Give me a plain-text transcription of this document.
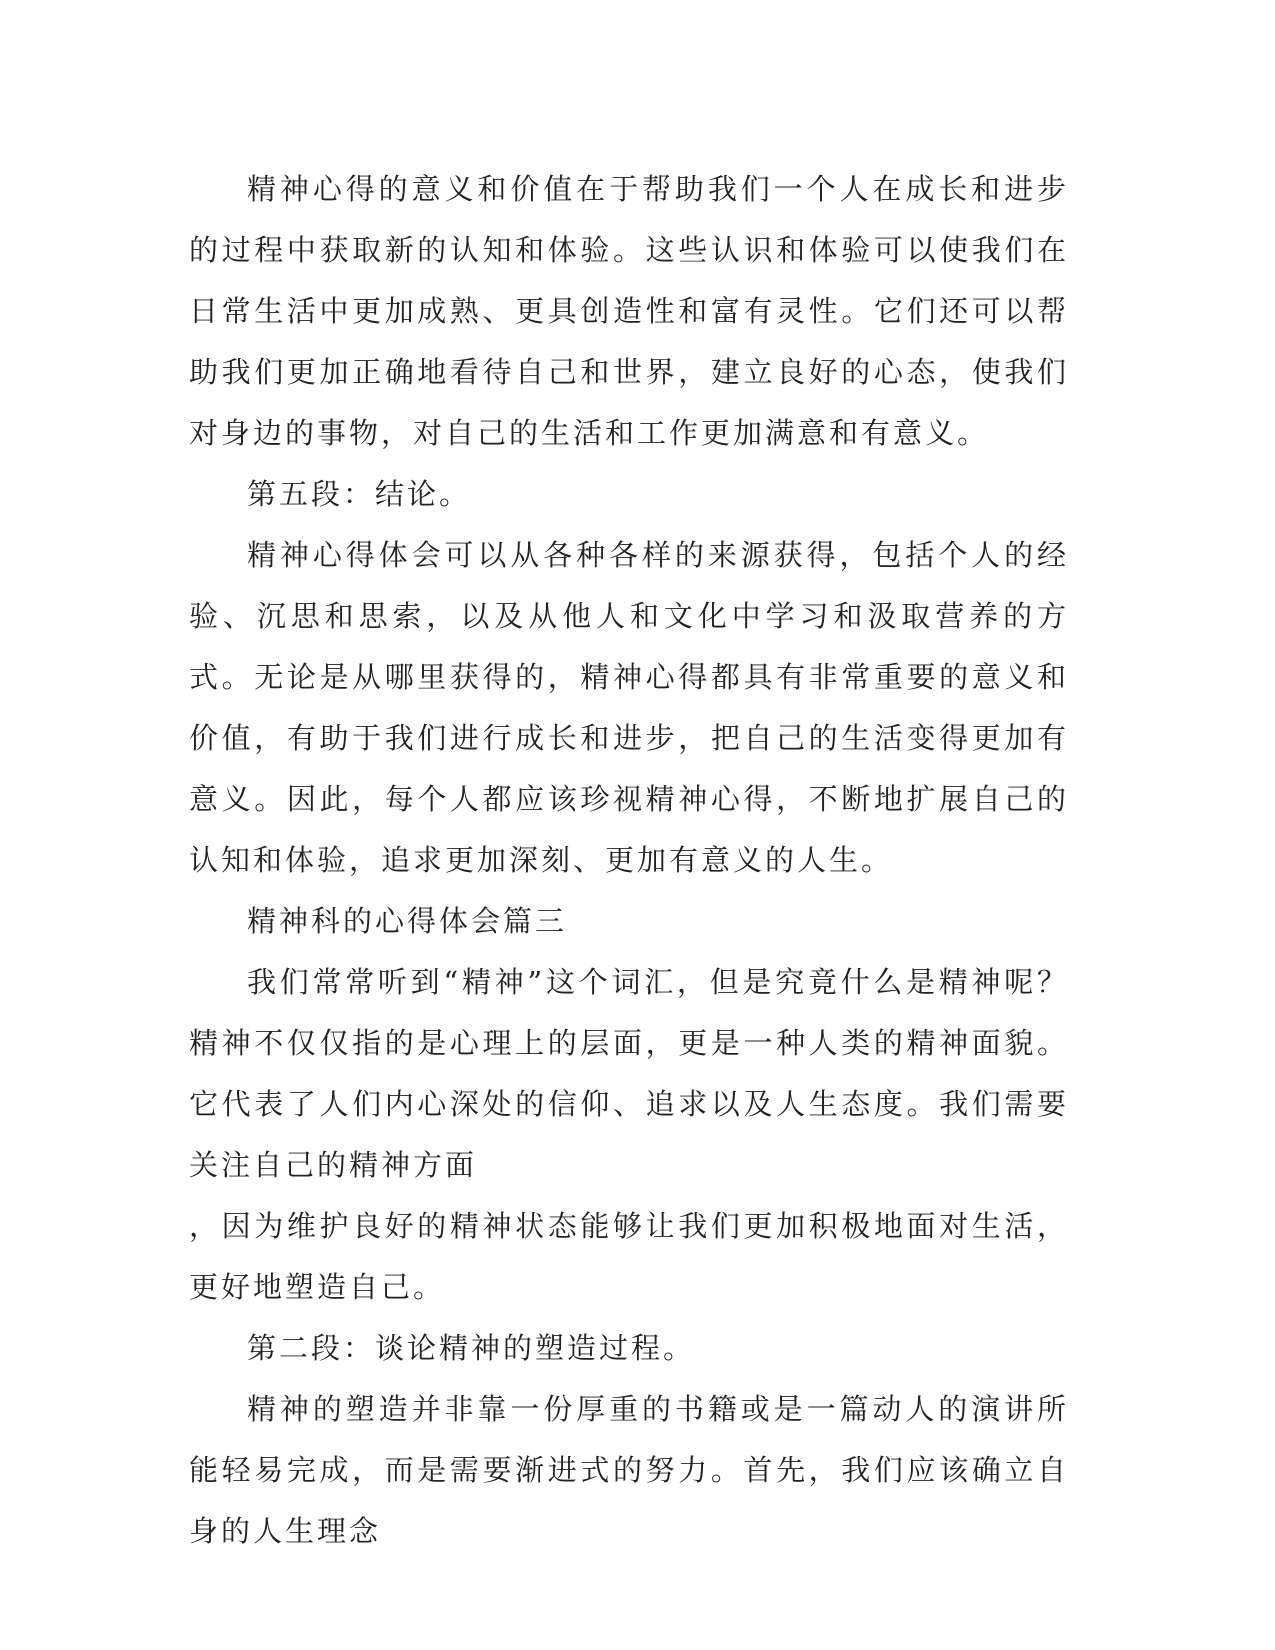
精神心得的意义和价值在于帮助我们一个人在成长和进步的过程中获取新的认知和体验。这些认识和体验可以使我们在日常生活中更加成熟、更具创造性和富有灵性。它们还可以帮助我们更加正确地看待自己和世界，建立良好的心态，使我们对身边的事物，对自己的生活和工作更加满意和有意义。

第五段：结论。

精神心得体会可以从各种各样的来源获得，包括个人的经验、沉思和思索，以及从他人和文化中学习和汲取营养的方式。无论是从哪里获得的，精神心得都具有非常重要的意义和价值，有助于我们进行成长和进步，把自己的生活变得更加有意义。因此，每个人都应该珍视精神心得，不断地扩展自己的认知和体验，追求更加深刻、更加有意义的人生。

精神科的心得体会篇三

我们常常听到“精神”这个词汇，但是究竟什么是精神呢？精神不仅仅指的是心理上的层面，更是一种人类的精神面貌。它代表了人们内心深处的信仰、追求以及人生态度。我们需要关注自己的精神方面

，因为维护良好的精神状态能够让我们更加积极地面对生活，更好地塑造自己。

第二段：谈论精神的塑造过程。

精神的塑造并非靠一份厚重的书籍或是一篇动人的演讲所能轻易完成，而是需要渐进式的努力。首先，我们应该确立自身的人生理念
